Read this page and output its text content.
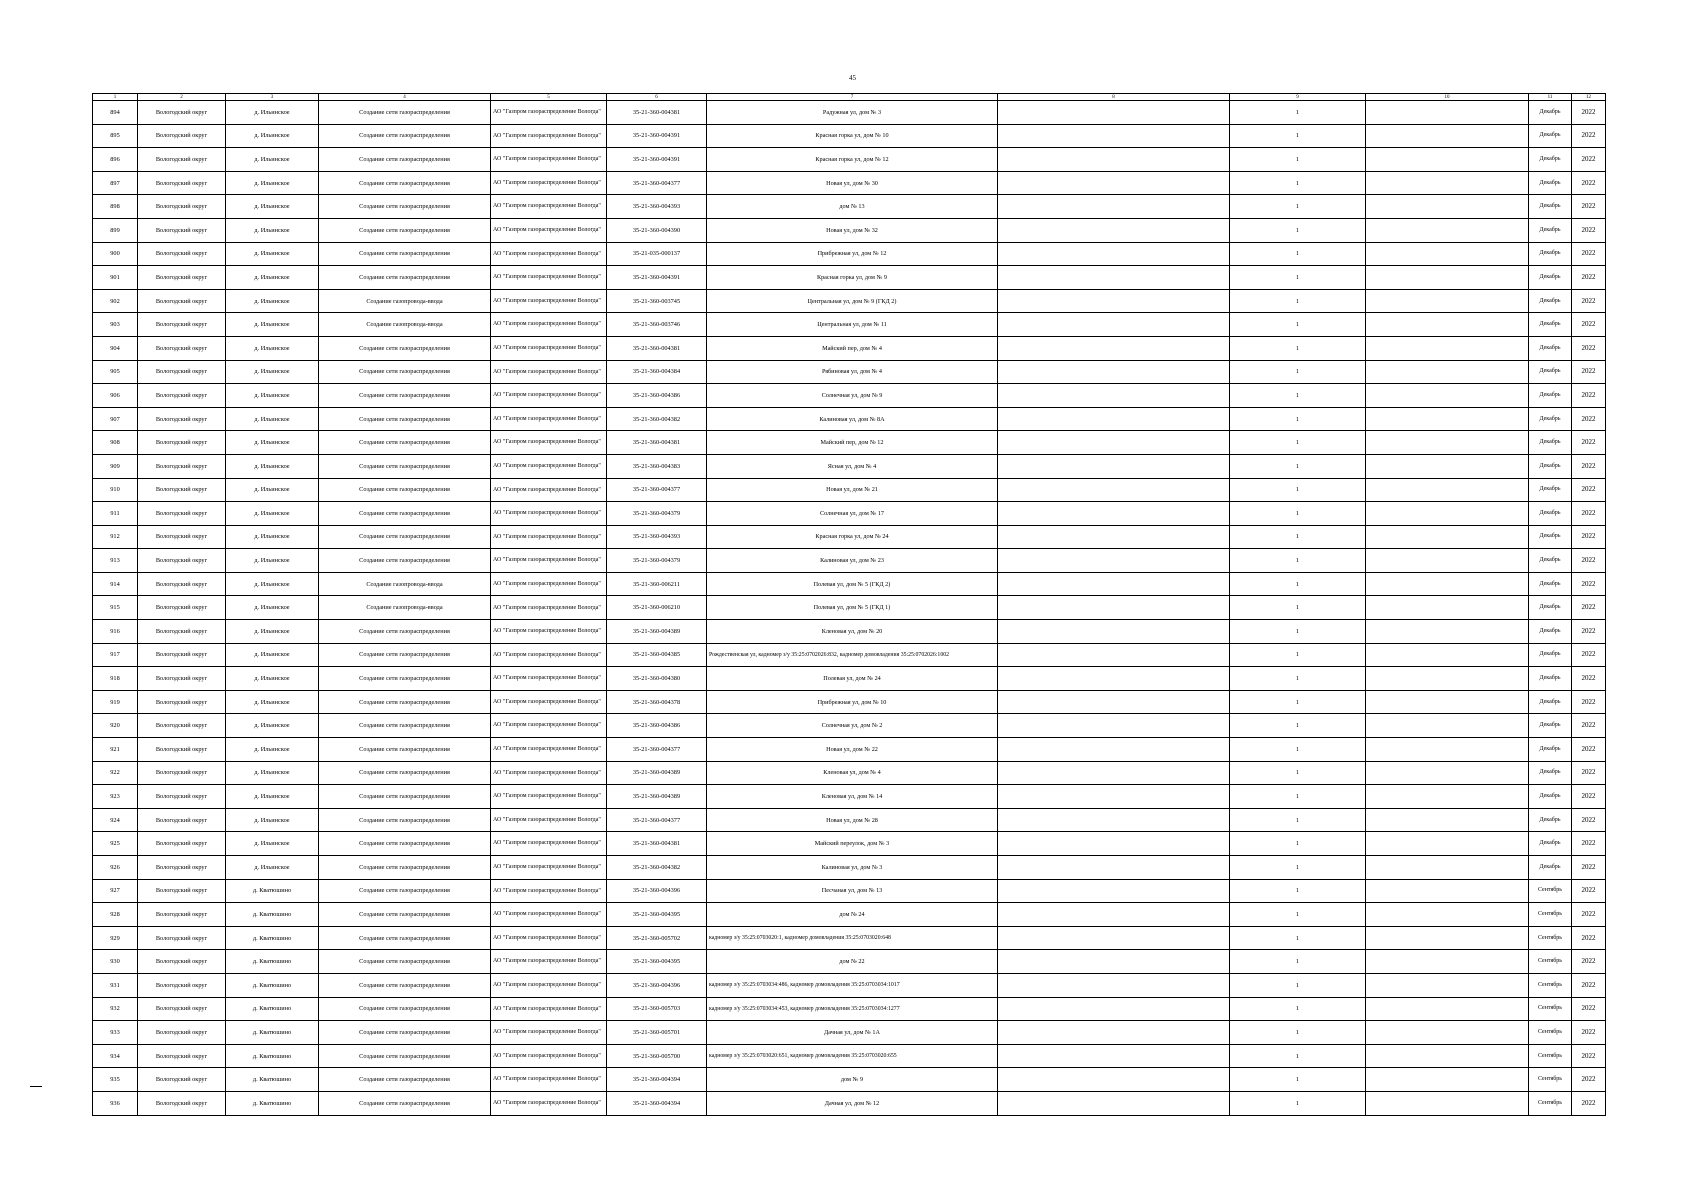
45
1	2	3	4	5	6	7	8	9	10	11	12
894	Вологодский округ	д. Ильинское	Создание сети газораспределения	АО "Газпром газораспределение Вологда"	35-21-360-004381	Радужная ул, дом № 3		1		Декабрь	2022
895	Вологодский округ	д. Ильинское	Создание сети газораспределения	АО "Газпром газораспределение Вологда"	35-21-360-004391	Красная горка ул, дом № 10		1		Декабрь	2022
896	Вологодский округ	д. Ильинское	Создание сети газораспределения	АО "Газпром газораспределение Вологда"	35-21-360-004391	Красная горка ул, дом № 12		1		Декабрь	2022
897	Вологодский округ	д. Ильинское	Создание сети газораспределения	АО "Газпром газораспределение Вологда"	35-21-360-004377	Новая ул, дом № 30		1		Декабрь	2022
898	Вологодский округ	д. Ильинское	Создание сети газораспределения	АО "Газпром газораспределение Вологда"	35-21-360-004393	дом № 13		1		Декабрь	2022
899	Вологодский округ	д. Ильинское	Создание сети газораспределения	АО "Газпром газораспределение Вологда"	35-21-360-004390	Новая ул, дом № 32		1		Декабрь	2022
900	Вологодский округ	д. Ильинское	Создание сети газораспределения	АО "Газпром газораспределение Вологда"	35-21-035-000137	Прибрежная ул, дом № 12		1		Декабрь	2022
901	Вологодский округ	д. Ильинское	Создание сети газораспределения	АО "Газпром газораспределение Вологда"	35-21-360-004391	Красная горка ул, дом № 9		1		Декабрь	2022
902	Вологодский округ	д. Ильинское	Создание газопровода-ввода	АО "Газпром газораспределение Вологда"	35-21-360-003745	Центральная ул, дом № 9 (ГКД 2)		1		Декабрь	2022
903	Вологодский округ	д. Ильинское	Создание газопровода-ввода	АО "Газпром газораспределение Вологда"	35-21-360-003746	Центральная ул, дом № 11		1		Декабрь	2022
904	Вологодский округ	д. Ильинское	Создание сети газораспределения	АО "Газпром газораспределение Вологда"	35-21-360-004381	Майский пер, дом № 4		1		Декабрь	2022
905	Вологодский округ	д. Ильинское	Создание сети газораспределения	АО "Газпром газораспределение Вологда"	35-21-360-004384	Рябиновая ул, дом № 4		1		Декабрь	2022
906	Вологодский округ	д. Ильинское	Создание сети газораспределения	АО "Газпром газораспределение Вологда"	35-21-360-004386	Солнечная ул, дом № 9		1		Декабрь	2022
907	Вологодский округ	д. Ильинское	Создание сети газораспределения	АО "Газпром газораспределение Вологда"	35-21-360-004382	Калиновая ул, дом № 8А		1		Декабрь	2022
908	Вологодский округ	д. Ильинское	Создание сети газораспределения	АО "Газпром газораспределение Вологда"	35-21-360-004381	Майский пер, дом № 12		1		Декабрь	2022
909	Вологодский округ	д. Ильинское	Создание сети газораспределения	АО "Газпром газораспределение Вологда"	35-21-360-004383	Ясная ул, дом № 4		1		Декабрь	2022
910	Вологодский округ	д. Ильинское	Создание сети газораспределения	АО "Газпром газораспределение Вологда"	35-21-360-004377	Новая ул, дом № 21		1		Декабрь	2022
911	Вологодский округ	д. Ильинское	Создание сети газораспределения	АО "Газпром газораспределение Вологда"	35-21-360-004379	Солнечная ул, дом № 17		1		Декабрь	2022
912	Вологодский округ	д. Ильинское	Создание сети газораспределения	АО "Газпром газораспределение Вологда"	35-21-360-004393	Красная горка ул, дом № 24		1		Декабрь	2022
913	Вологодский округ	д. Ильинское	Создание сети газораспределения	АО "Газпром газораспределение Вологда"	35-21-360-004379	Калиновая ул, дом № 23		1		Декабрь	2022
914	Вологодский округ	д. Ильинское	Создание газопровода-ввода	АО "Газпром газораспределение Вологда"	35-21-360-006211	Полевая ул, дом № 5 (ГКД 2)		1		Декабрь	2022
915	Вологодский округ	д. Ильинское	Создание газопровода-ввода	АО "Газпром газораспределение Вологда"	35-21-360-006210	Полевая ул, дом № 5 (ГКД 1)		1		Декабрь	2022
916	Вологодский округ	д. Ильинское	Создание сети газораспределения	АО "Газпром газораспределение Вологда"	35-21-360-004389	Кленовая ул, дом № 20		1		Декабрь	2022
917	Вологодский округ	д. Ильинское	Создание сети газораспределения	АО "Газпром газораспределение Вологда"	35-21-360-004385	Рождественская ул, кадномер з/у 35:25:0702026:832, кадномер домовладения 35:25:0702026:1002		1		Декабрь	2022
918	Вологодский округ	д. Ильинское	Создание сети газораспределения	АО "Газпром газораспределение Вологда"	35-21-360-004380	Полевая ул, дом № 24		1		Декабрь	2022
919	Вологодский округ	д. Ильинское	Создание сети газораспределения	АО "Газпром газораспределение Вологда"	35-21-360-004378	Прибрежная ул, дом № 10		1		Декабрь	2022
920	Вологодский округ	д. Ильинское	Создание сети газораспределения	АО "Газпром газораспределение Вологда"	35-21-360-004386	Солнечная ул, дом № 2		1		Декабрь	2022
921	Вологодский округ	д. Ильинское	Создание сети газораспределения	АО "Газпром газораспределение Вологда"	35-21-360-004377	Новая ул, дом № 22		1		Декабрь	2022
922	Вологодский округ	д. Ильинское	Создание сети газораспределения	АО "Газпром газораспределение Вологда"	35-21-360-004389	Кленовая ул, дом № 4		1		Декабрь	2022
923	Вологодский округ	д. Ильинское	Создание сети газораспределения	АО "Газпром газораспределение Вологда"	35-21-360-004389	Кленовая ул, дом № 14		1		Декабрь	2022
924	Вологодский округ	д. Ильинское	Создание сети газораспределения	АО "Газпром газораспределение Вологда"	35-21-360-004377	Новая ул, дом № 28		1		Декабрь	2022
925	Вологодский округ	д. Ильинское	Создание сети газораспределения	АО "Газпром газораспределение Вологда"	35-21-360-004381	Майский переулок, дом № 3		1		Декабрь	2022
926	Вологодский округ	д. Ильинское	Создание сети газораспределения	АО "Газпром газораспределение Вологда"	35-21-360-004382	Калиновая ул, дом № 3		1		Декабрь	2022
927	Вологодский округ	д. Кватюшино	Создание сети газораспределения	АО "Газпром газораспределение Вологда"	35-21-360-004396	Песчаная ул, дом № 13		1		Сентябрь	2022
928	Вологодский округ	д. Кватюшино	Создание сети газораспределения	АО "Газпром газораспределение Вологда"	35-21-360-004395	дом № 24		1		Сентябрь	2022
929	Вологодский округ	д. Кватюшино	Создание сети газораспределения	АО "Газпром газораспределение Вологда"	35-21-360-005702	кадномер з/у 35:25:0703020:1, кадномер домовладения 35:25:0703020:648		1		Сентябрь	2022
930	Вологодский округ	д. Кватюшино	Создание сети газораспределения	АО "Газпром газораспределение Вологда"	35-21-360-004395	дом № 22		1		Сентябрь	2022
931	Вологодский округ	д. Кватюшино	Создание сети газораспределения	АО "Газпром газораспределение Вологда"	35-21-360-004396	кадномер з/у 35:25:0703034:486, кадномер домовладения 35:25:0703034:1017		1		Сентябрь	2022
932	Вологодский округ	д. Кватюшино	Создание сети газораспределения	АО "Газпром газораспределение Вологда"	35-21-360-005703	кадномер з/у 35:25:0703034:453, кадномер домовладения 35:25:0703034:1277		1		Сентябрь	2022
933	Вологодский округ	д. Кватюшино	Создание сети газораспределения	АО "Газпром газораспределение Вологда"	35-21-360-005701	Дачная ул, дом № 1А		1		Сентябрь	2022
934	Вологодский округ	д. Кватюшино	Создание сети газораспределения	АО "Газпром газораспределение Вологда"	35-21-360-005700	кадномер з/у 35:25:0703020:651, кадномер домовладения 35:25:0703020:655		1		Сентябрь	2022
935	Вологодский округ	д. Кватюшино	Создание сети газораспределения	АО "Газпром газораспределение Вологда"	35-21-360-004394	дом № 9		1		Сентябрь	2022
936	Вологодский округ	д. Кватюшино	Создание сети газораспределения	АО "Газпром газораспределение Вологда"	35-21-360-004394	Дачная ул, дом № 12		1		Сентябрь	2022
